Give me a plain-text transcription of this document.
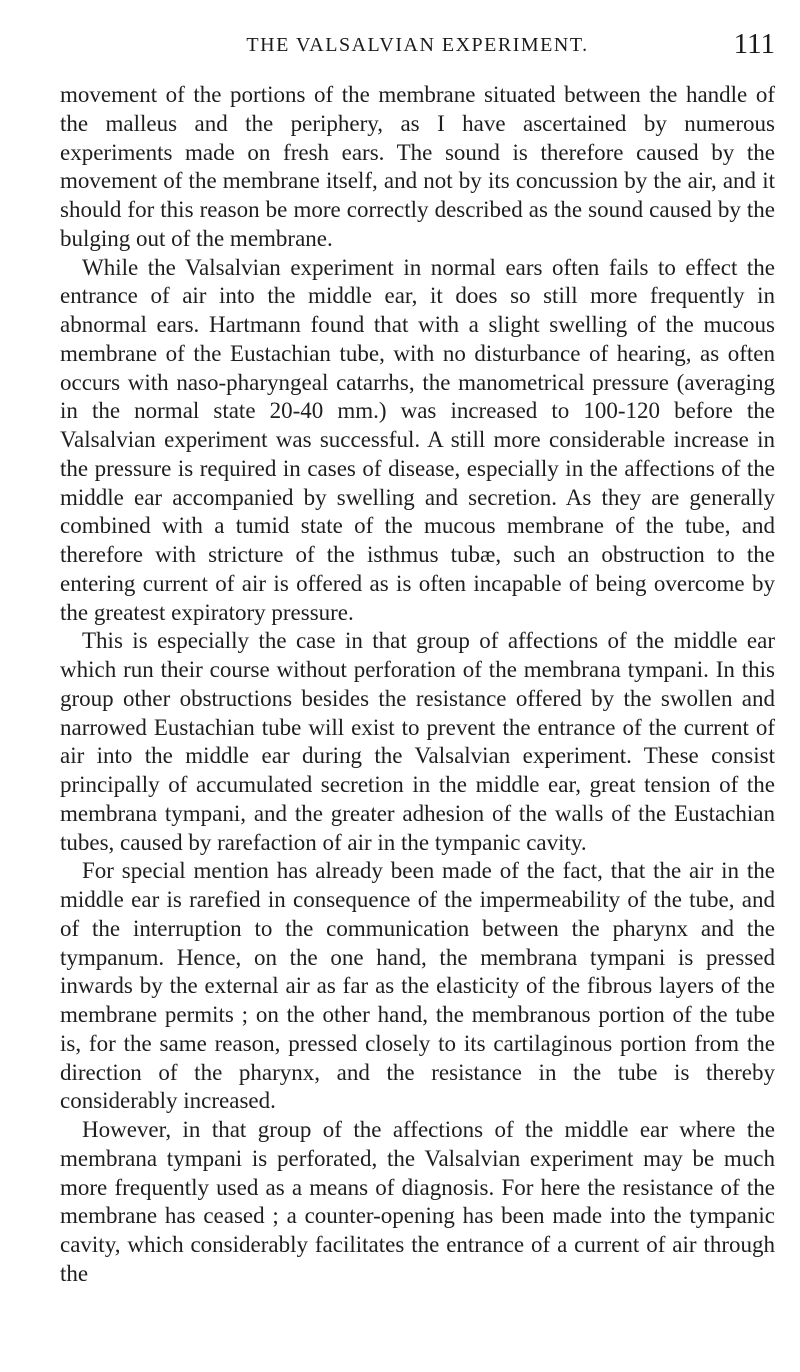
THE VALSALVIAN EXPERIMENT.	111

movement of the portions of the membrane situated between the handle of the malleus and the periphery, as I have ascertained by numerous experiments made on fresh ears. The sound is therefore caused by the movement of the membrane itself, and not by its concussion by the air, and it should for this reason be more correctly described as the sound caused by the bulging out of the membrane.

While the Valsalvian experiment in normal ears often fails to effect the entrance of air into the middle ear, it does so still more frequently in abnormal ears. Hartmann found that with a slight swelling of the mucous membrane of the Eustachian tube, with no disturbance of hearing, as often occurs with naso-pharyngeal catarrhs, the manometrical pressure (averaging in the normal state 20-40 mm.) was increased to 100-120 before the Valsalvian experiment was successful. A still more considerable increase in the pressure is required in cases of disease, especially in the affections of the middle ear accompanied by swelling and secretion. As they are generally combined with a tumid state of the mucous membrane of the tube, and therefore with stricture of the isthmus tubæ, such an obstruction to the entering current of air is offered as is often incapable of being overcome by the greatest expiratory pressure.

This is especially the case in that group of affections of the middle ear which run their course without perforation of the membrana tympani. In this group other obstructions besides the resistance offered by the swollen and narrowed Eustachian tube will exist to prevent the entrance of the current of air into the middle ear during the Valsalvian experiment. These consist principally of accumulated secretion in the middle ear, great tension of the membrana tympani, and the greater adhesion of the walls of the Eustachian tubes, caused by rarefaction of air in the tympanic cavity.

For special mention has already been made of the fact, that the air in the middle ear is rarefied in consequence of the impermeability of the tube, and of the interruption to the communication between the pharynx and the tympanum. Hence, on the one hand, the membrana tympani is pressed inwards by the external air as far as the elasticity of the fibrous layers of the membrane permits ; on the other hand, the membranous portion of the tube is, for the same reason, pressed closely to its cartilaginous portion from the direction of the pharynx, and the resistance in the tube is thereby considerably increased.

However, in that group of the affections of the middle ear where the membrana tympani is perforated, the Valsalvian experiment may be much more frequently used as a means of diagnosis. For here the resistance of the membrane has ceased ; a counter-opening has been made into the tympanic cavity, which considerably facilitates the entrance of a current of air through the
